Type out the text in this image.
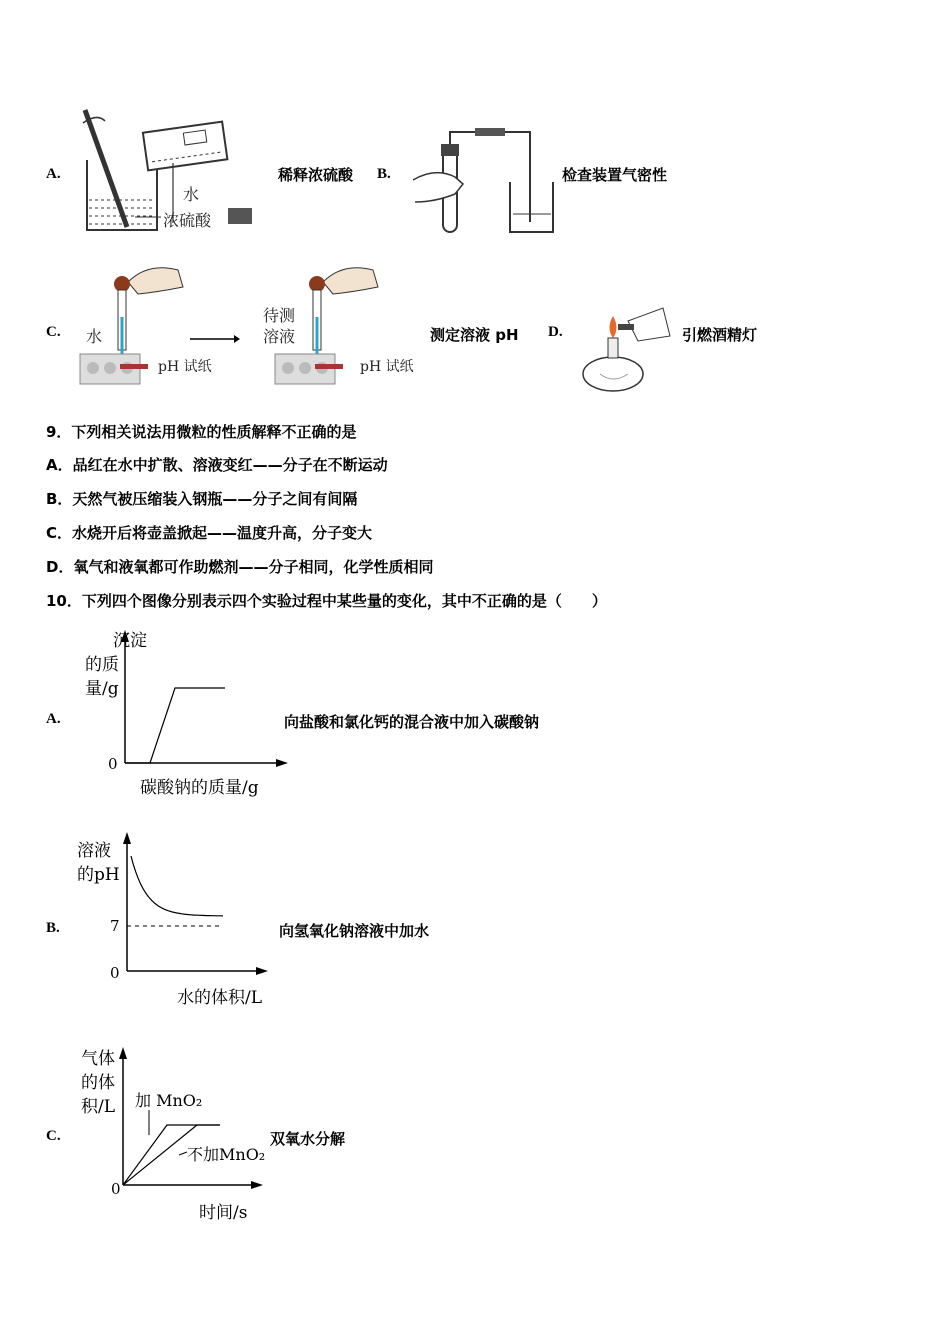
A.
水
浓硫酸
稀释浓硫酸 B.	检查装置气密性
C. 水
pH 试纸
待测
溶液
pH 试纸
测定溶液 pH D.	引燃酒精灯
9．下列相关说法用微粒的性质解释不正确的是
A．品红在水中扩散、溶液变红——分子在不断运动
B．天然气被压缩装入钢瓶——分子之间有间隔
C．水烧开后将壶盖掀起——温度升高，分子变大
D．氧气和液氧都可作助燃剂——分子相同，化学性质相同
10．下列四个图像分别表示四个实验过程中某些量的变化，其中不正确的是（　　）
A.
沉淀
的质
量/g
0
碳酸钠的质量/g
向盐酸和氯化钙的混合液中加入碳酸钠
B.
溶液
的pH
7
0
水的体积/L
向氢氧化钠溶液中加水
C.
气体
的体
积/L 加 MnO₂
不加MnO₂
0
时间/s
双氧水分解
